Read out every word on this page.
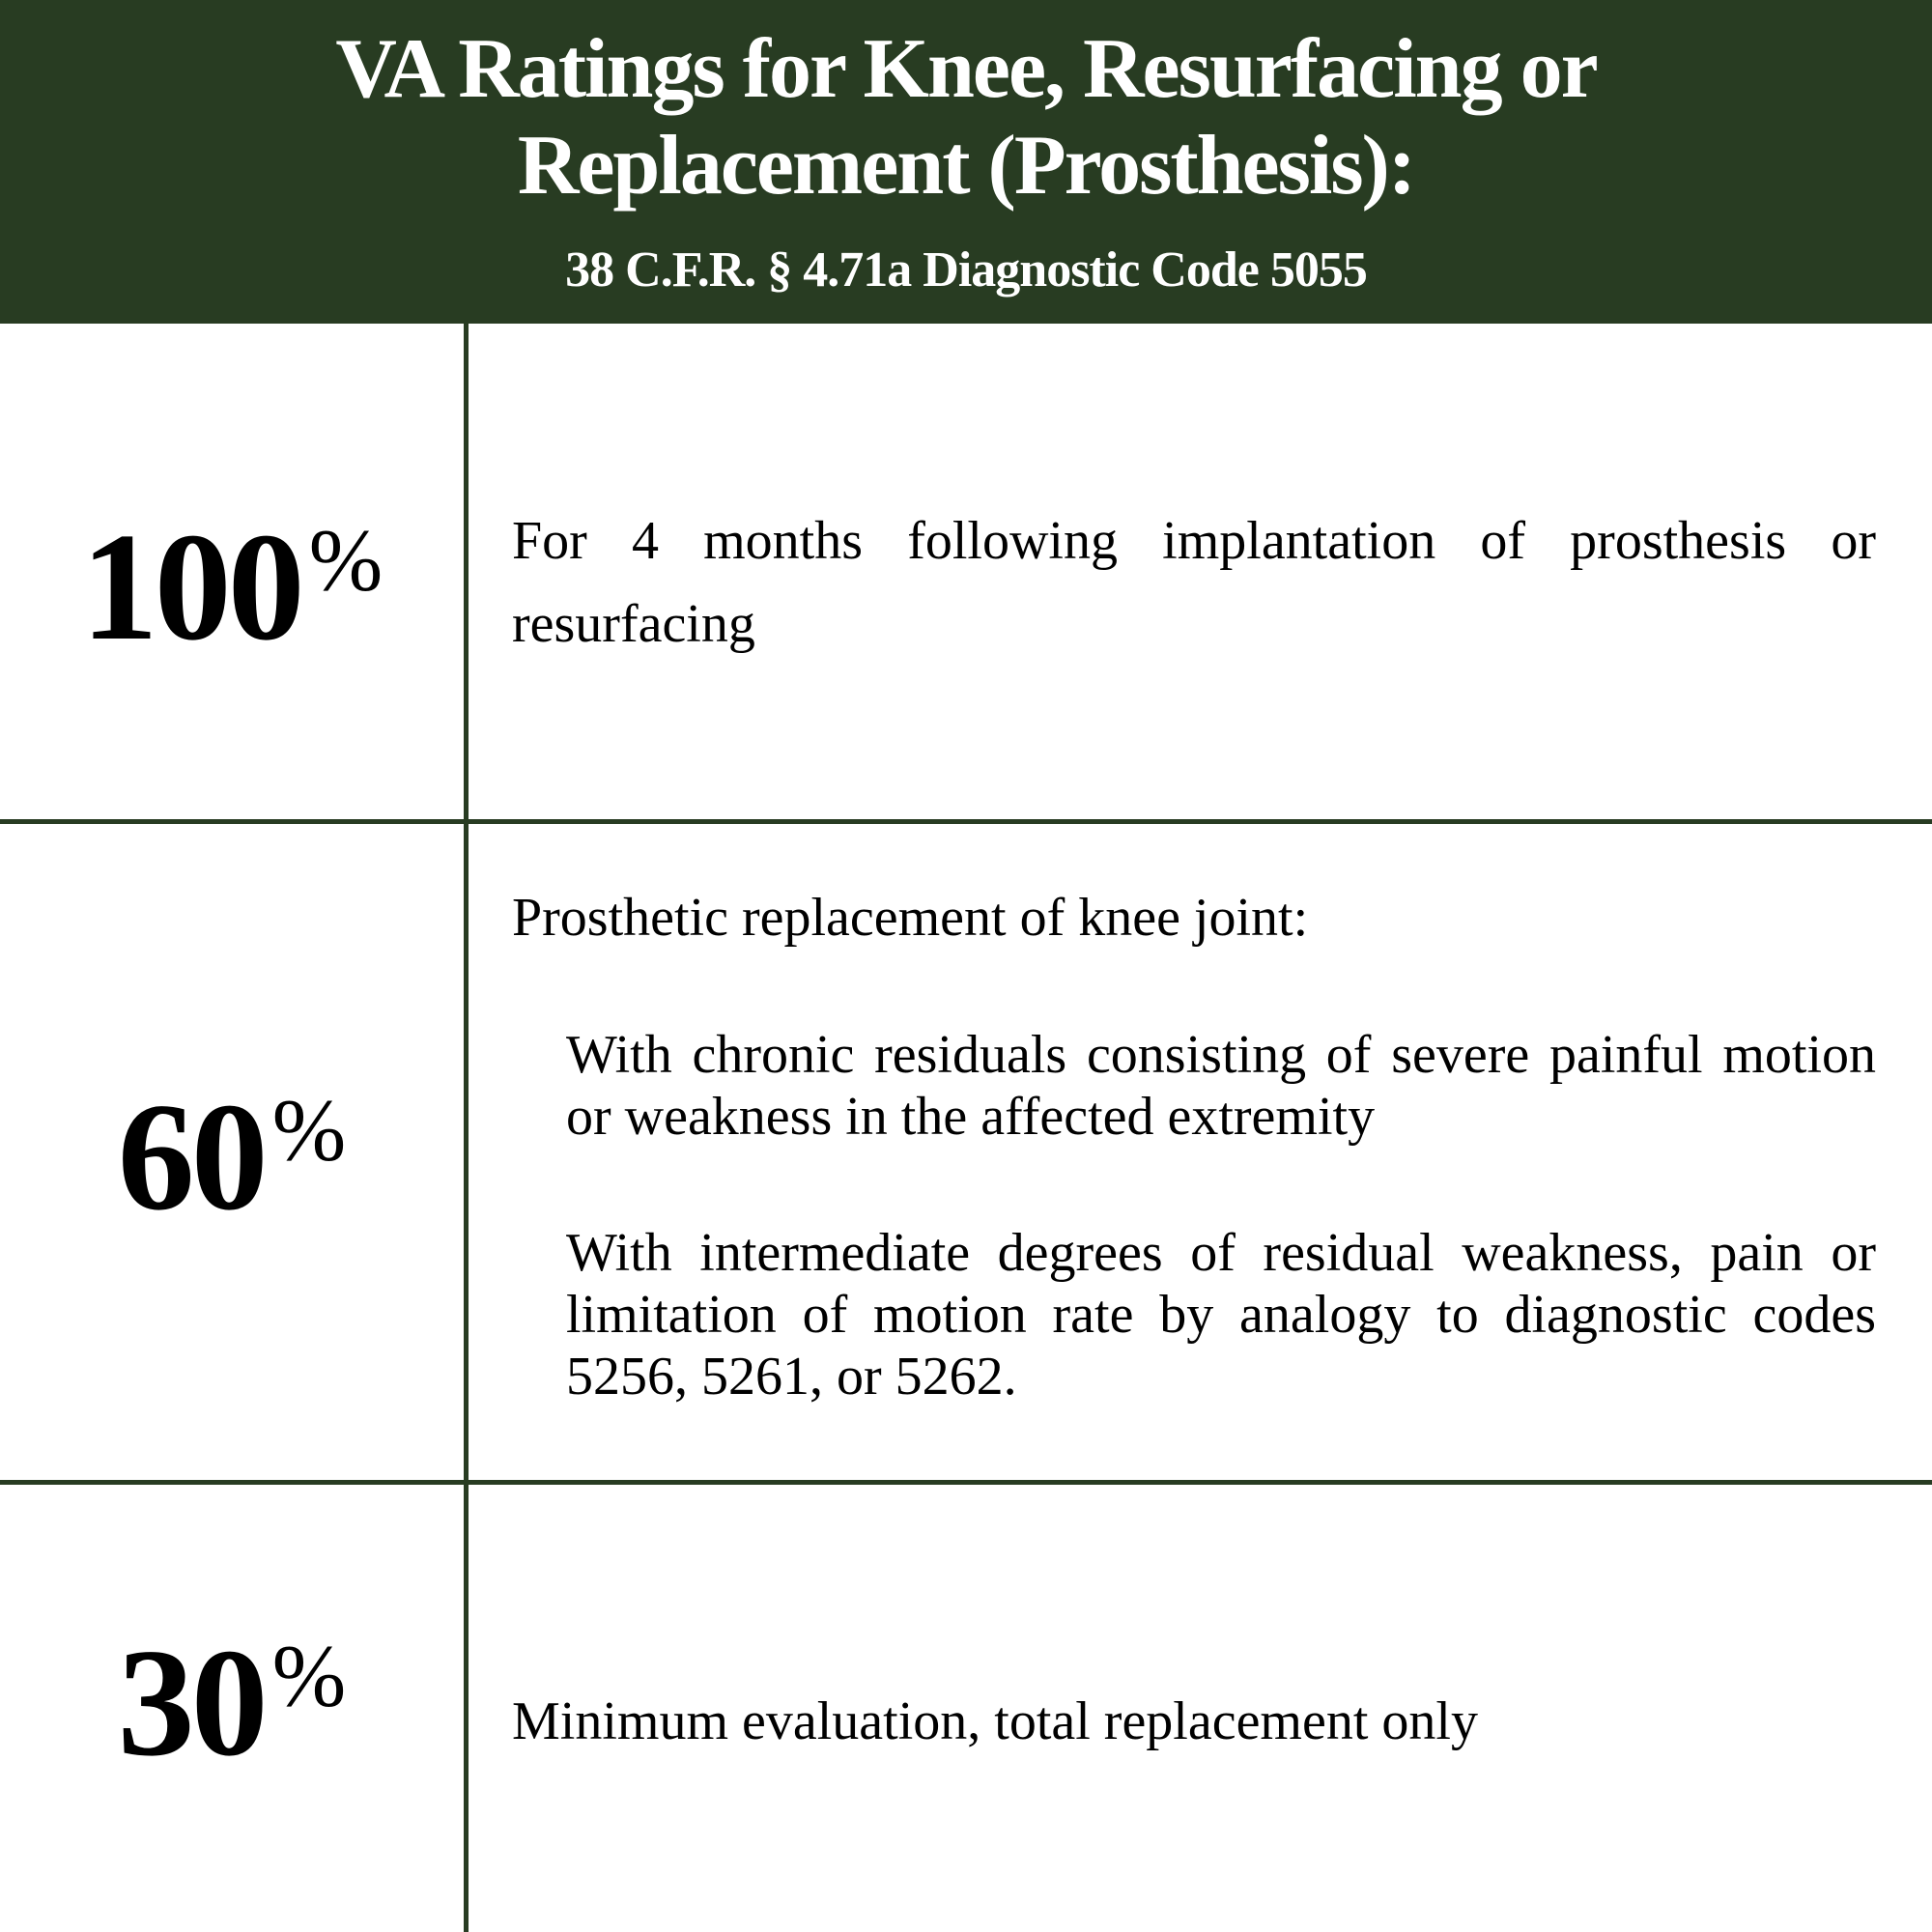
VA Ratings for Knee, Resurfacing or
Replacement (Prosthesis):
38 C.F.R. § 4.71a Diagnostic Code 5055
100%	For 4 months following implantation of prosthesis or resurfacing
60%
Prosthetic replacement of knee joint:
With chronic residuals consisting of severe painful motion or weakness in the affected extremity
With intermediate degrees of residual weakness, pain or limitation of motion rate by analogy to diagnostic codes 5256, 5261, or 5262.
30%	Minimum evaluation, total replacement only
